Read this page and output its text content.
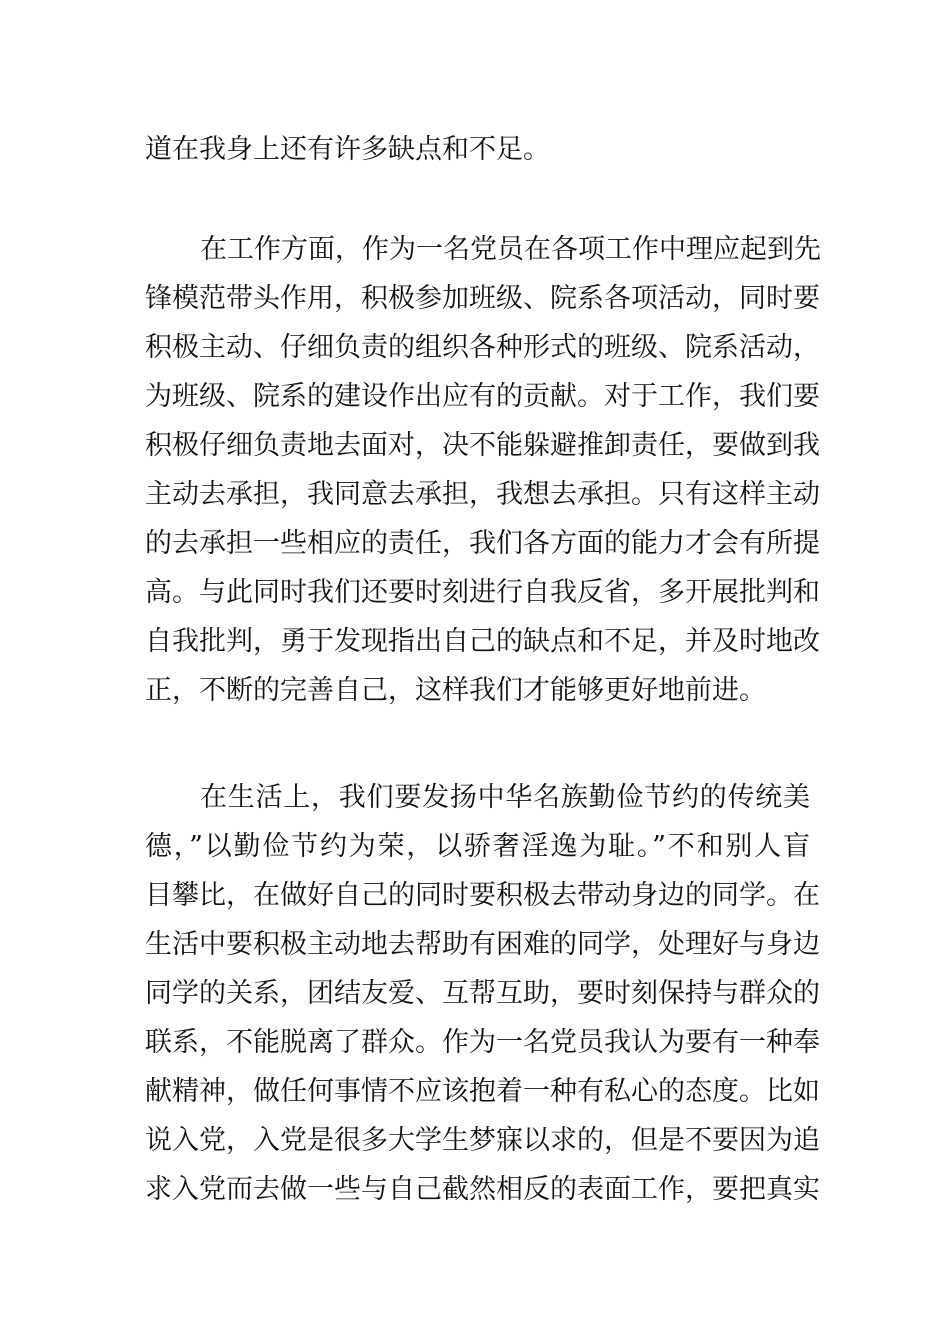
道在我身上还有许多缺点和不足。
在工作方面，作为一名党员在各项工作中理应起到先
锋模范带头作用，积极参加班级、院系各项活动，同时要
积极主动、仔细负责的组织各种形式的班级、院系活动，
为班级、院系的建设作出应有的贡献。对于工作，我们要
积极仔细负责地去面对，决不能躲避推卸责任，要做到我
主动去承担，我同意去承担，我想去承担。只有这样主动
的去承担一些相应的责任，我们各方面的能力才会有所提
高。与此同时我们还要时刻进行自我反省，多开展批判和
自我批判，勇于发现指出自己的缺点和不足，并及时地改
正，不断的完善自己，这样我们才能够更好地前进。
在生活上，我们要发扬中华名族勤俭节约的传统美
德，”以勤俭节约为荣，以骄奢淫逸为耻。”不和别人盲
目攀比，在做好自己的同时要积极去带动身边的同学。在
生活中要积极主动地去帮助有困难的同学，处理好与身边
同学的关系，团结友爱、互帮互助，要时刻保持与群众的
联系，不能脱离了群众。作为一名党员我认为要有一种奉
献精神，做任何事情不应该抱着一种有私心的态度。比如
说入党，入党是很多大学生梦寐以求的，但是不要因为追
求入党而去做一些与自己截然相反的表面工作，要把真实
